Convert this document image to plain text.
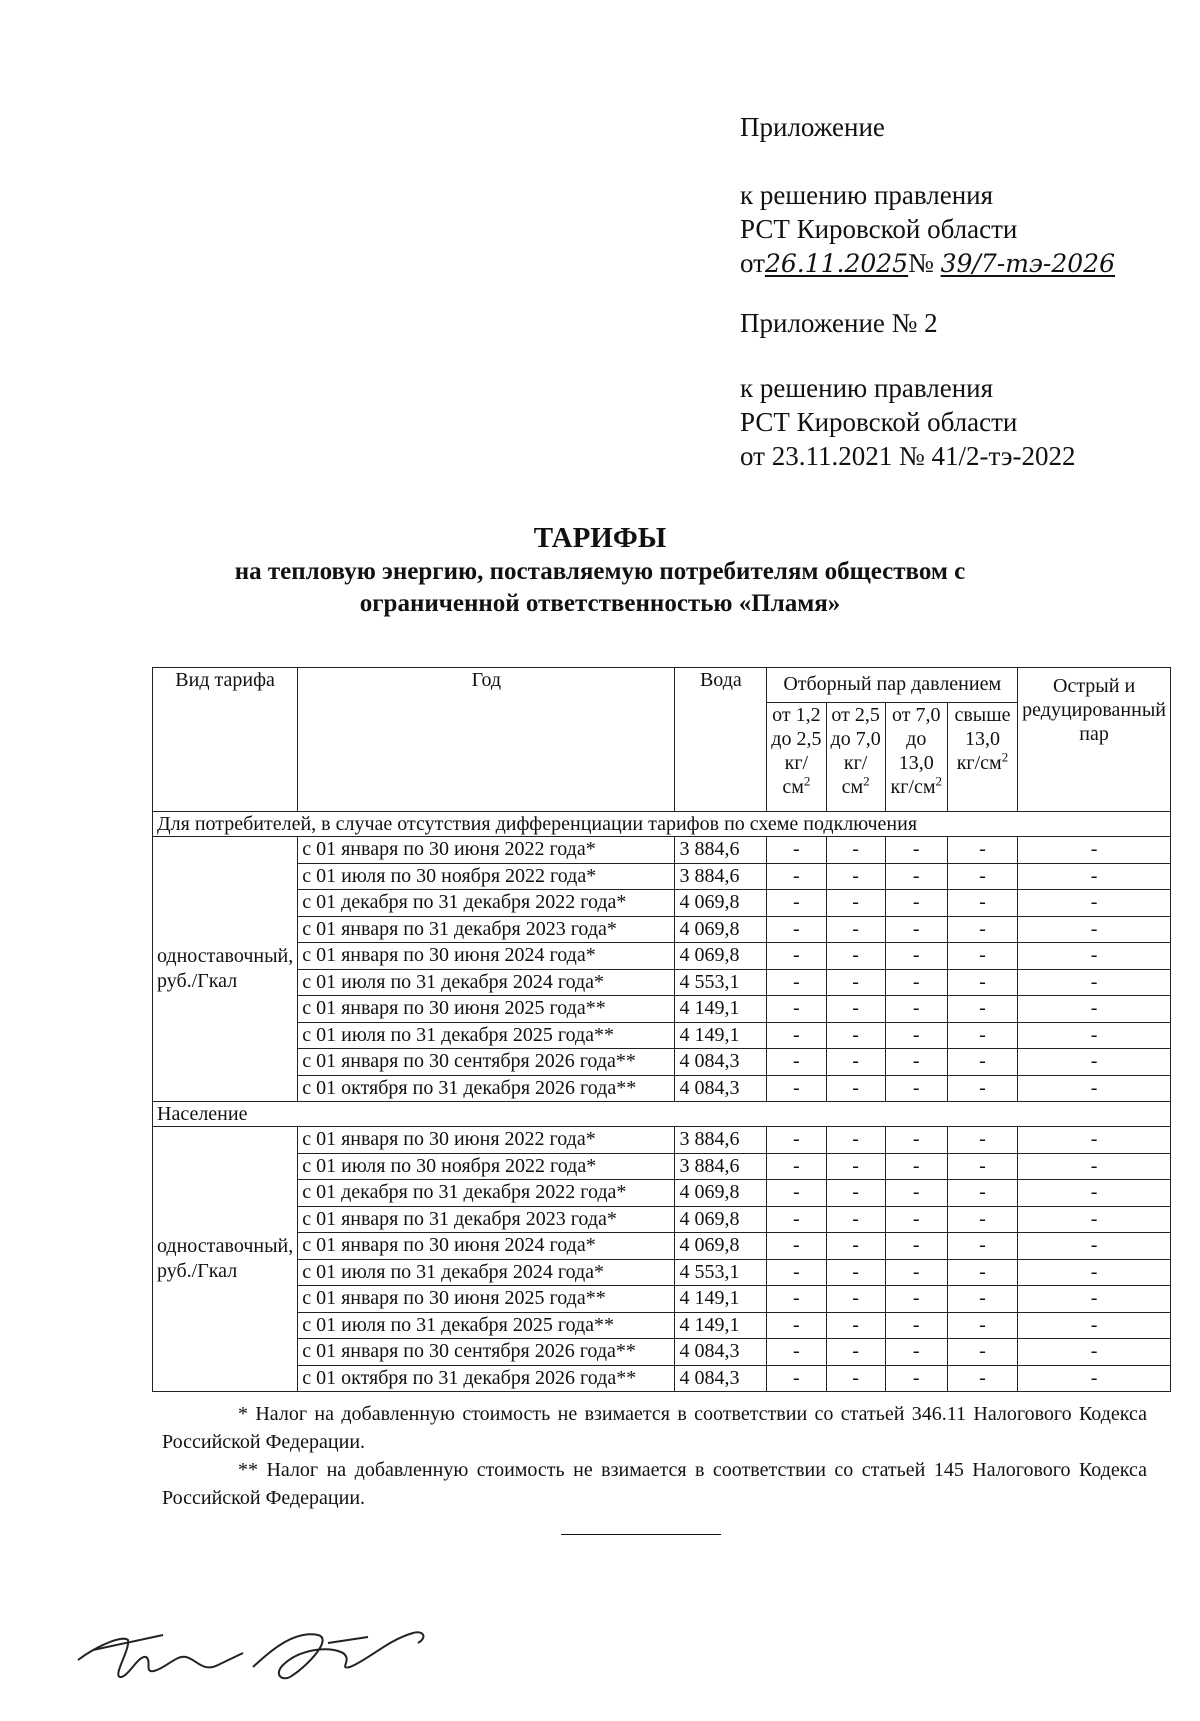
Приложение
к решению правления
РСТ Кировской области
от26.11.2025№ 39/7-тэ-2026
Приложение № 2
к решению правления
РСТ Кировской области
от 23.11.2021 № 41/2-тэ-2022
ТАРИФЫ
на тепловую энергию, поставляемую потребителям обществом с
ограниченной ответственностью «Пламя»
Вид тарифа	Год	Вода	Отборный пар давлением				Острый и редуцированный пар
			от 1,2 до 2,5 $кг/см^2$	от 2,5 до 7,0 $кг/см^2$	от 7,0 до 13,0 $кг/см^2$	свыше 13,0 $кг/см^2$
Для потребителей, в случае отсутствия дифференциации тарифов по схеме подключения							
одноставочный, руб./Гкал	с 01 января по 30 июня 2022 года*	3 884,6	-	-	-	-	-
	с 01 июля по 30 ноября 2022 года*	3 884,6	-	-	-	-	-
	с 01 декабря по 31 декабря 2022 года*	4 069,8	-	-	-	-	-
	с 01 января по 31 декабря 2023 года*	4 069,8	-	-	-	-	-
	с 01 января по 30 июня 2024 года*	4 069,8	-	-	-	-	-
	с 01 июля по 31 декабря 2024 года*	4 553,1	-	-	-	-	-
	с 01 января по 30 июня 2025 года**	4 149,1	-	-	-	-	-
	с 01 июля по 31 декабря 2025 года**	4 149,1	-	-	-	-	-
	с 01 января по 30 сентября 2026 года**	4 084,3	-	-	-	-	-
	с 01 октября по 31 декабря 2026 года**	4 084,3	-	-	-	-	-
Население							
одноставочный, руб./Гкал	с 01 января по 30 июня 2022 года*	3 884,6	-	-	-	-	-
	с 01 июля по 30 ноября 2022 года*	3 884,6	-	-	-	-	-
	с 01 декабря по 31 декабря 2022 года*	4 069,8	-	-	-	-	-
	с 01 января по 31 декабря 2023 года*	4 069,8	-	-	-	-	-
	с 01 января по 30 июня 2024 года*	4 069,8	-	-	-	-	-
	с 01 июля по 31 декабря 2024 года*	4 553,1	-	-	-	-	-
	с 01 января по 30 июня 2025 года**	4 149,1	-	-	-	-	-
	с 01 июля по 31 декабря 2025 года**	4 149,1	-	-	-	-	-
	с 01 января по 30 сентября 2026 года**	4 084,3	-	-	-	-	-
	с 01 октября по 31 декабря 2026 года**	4 084,3	-	-	-	-	-
* Налог на добавленную стоимость не взимается в соответствии со статьей 346.11 Налогового Кодекса Российской Федерации.
** Налог на добавленную стоимость не взимается в соответствии со статьей 145 Налогового Кодекса Российской Федерации.
